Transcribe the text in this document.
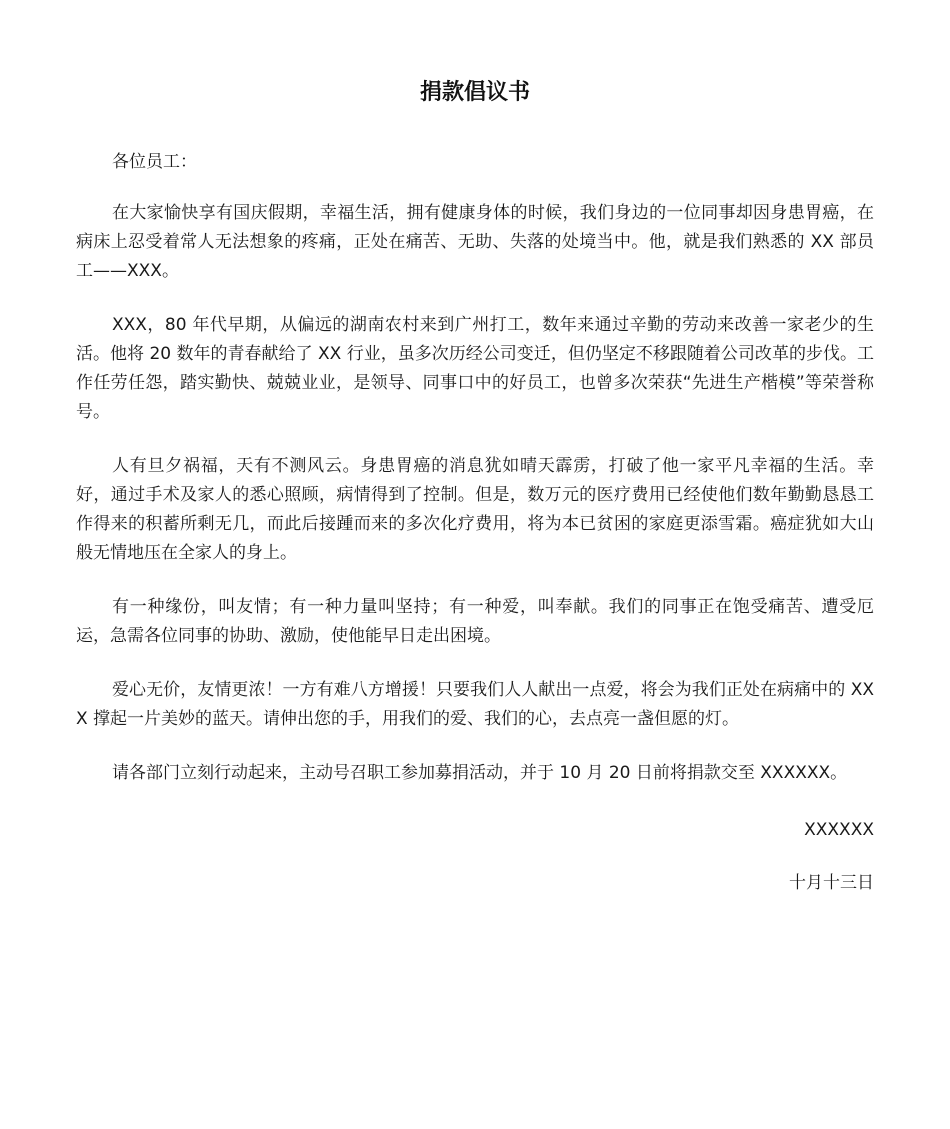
捐款倡议书

各位员工：

在大家愉快享有国庆假期，幸福生活，拥有健康身体的时候，我们身边的一位同事却因身患胃癌，在病床上忍受着常人无法想象的疼痛，正处在痛苦、无助、失落的处境当中。他，就是我们熟悉的 XX 部员工——XXX。

XXX，80 年代早期，从偏远的湖南农村来到广州打工，数年来通过辛勤的劳动来改善一家老少的生活。他将 20 数年的青春献给了 XX 行业，虽多次历经公司变迁，但仍坚定不移跟随着公司改革的步伐。工作任劳任怨，踏实勤快、兢兢业业，是领导、同事口中的好员工，也曾多次荣获“先进生产楷模”等荣誉称号。

人有旦夕祸福，天有不测风云。身患胃癌的消息犹如晴天霹雳，打破了他一家平凡幸福的生活。幸好，通过手术及家人的悉心照顾，病情得到了控制。但是，数万元的医疗费用已经使他们数年勤勤恳恳工作得来的积蓄所剩无几，而此后接踵而来的多次化疗费用，将为本已贫困的家庭更添雪霜。癌症犹如大山般无情地压在全家人的身上。

有一种缘份，叫友情；有一种力量叫坚持；有一种爱，叫奉献。我们的同事正在饱受痛苦、遭受厄运，急需各位同事的协助、激励，使他能早日走出困境。

爱心无价，友情更浓！一方有难八方增援！只要我们人人献出一点爱，将会为我们正处在病痛中的 XXX 撑起一片美妙的蓝天。请伸出您的手，用我们的爱、我们的心，去点亮一盏但愿的灯。

请各部门立刻行动起来，主动号召职工参加募捐活动，并于 10 月 20 日前将捐款交至 XXXXXX。

XXXXXX

十月十三日
